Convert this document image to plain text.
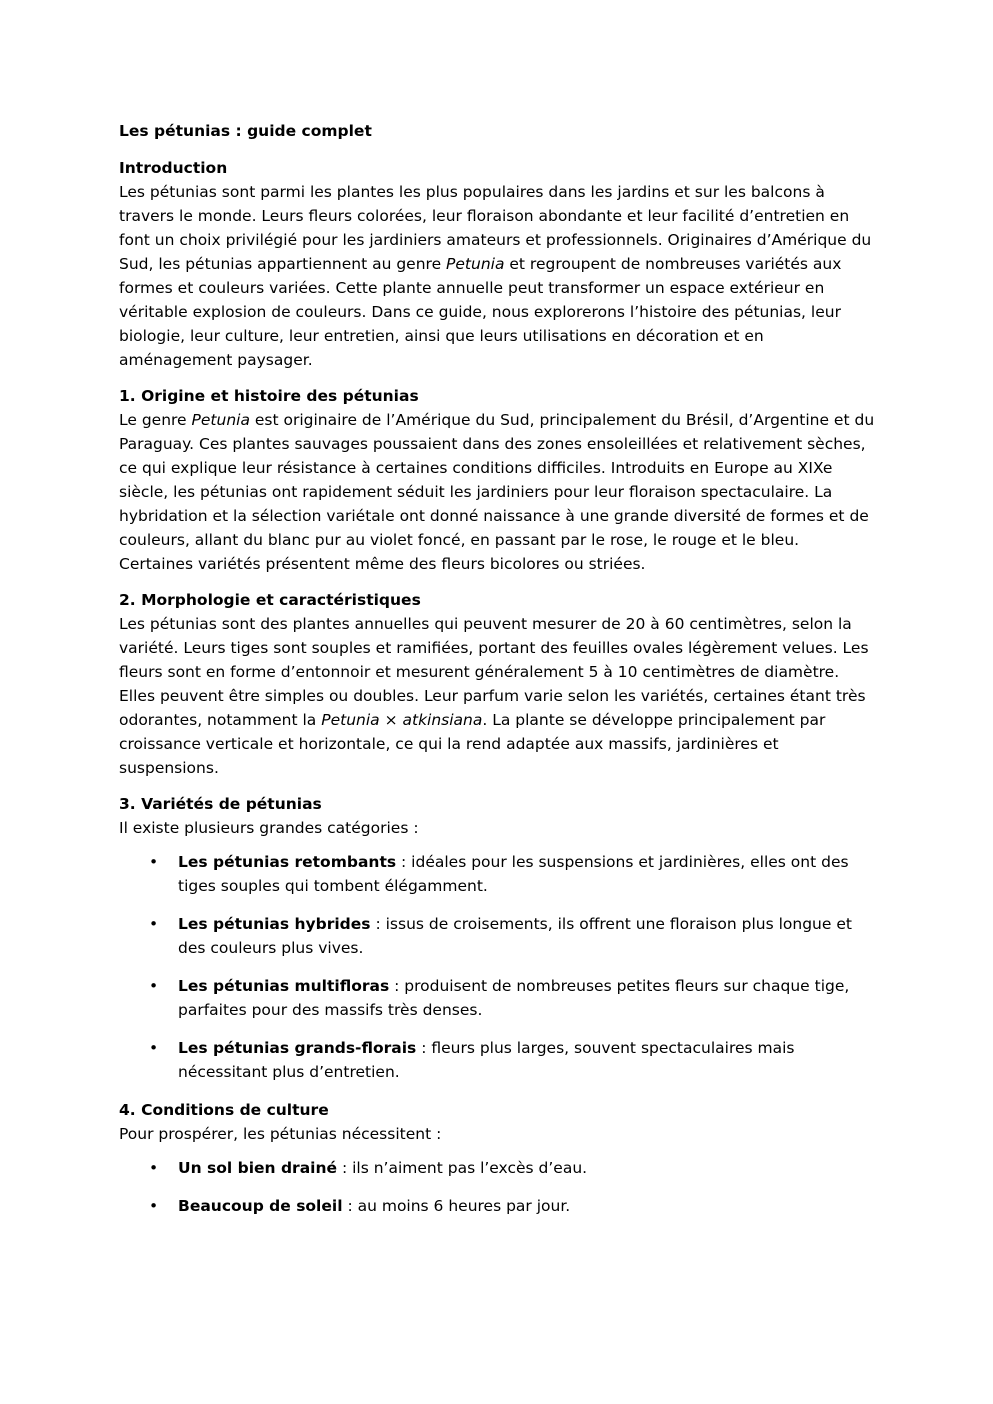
Les pétunias : guide complet
Introduction

Les pétunias sont parmi les plantes les plus populaires dans les jardins et sur les balcons à travers le monde. Leurs fleurs colorées, leur floraison abondante et leur facilité d’entretien en font un choix privilégié pour les jardiniers amateurs et professionnels. Originaires d’Amérique du Sud, les pétunias appartiennent au genre Petunia et regroupent de nombreuses variétés aux formes et couleurs variées. Cette plante annuelle peut transformer un espace extérieur en véritable explosion de couleurs. Dans ce guide, nous explorerons l’histoire des pétunias, leur biologie, leur culture, leur entretien, ainsi que leurs utilisations en décoration et en aménagement paysager.

1. Origine et histoire des pétunias

Le genre Petunia est originaire de l’Amérique du Sud, principalement du Brésil, d’Argentine et du Paraguay. Ces plantes sauvages poussaient dans des zones ensoleillées et relativement sèches, ce qui explique leur résistance à certaines conditions difficiles. Introduits en Europe au XIXe siècle, les pétunias ont rapidement séduit les jardiniers pour leur floraison spectaculaire. La hybridation et la sélection variétale ont donné naissance à une grande diversité de formes et de couleurs, allant du blanc pur au violet foncé, en passant par le rose, le rouge et le bleu. Certaines variétés présentent même des fleurs bicolores ou striées.

2. Morphologie et caractéristiques

Les pétunias sont des plantes annuelles qui peuvent mesurer de 20 à 60 centimètres, selon la variété. Leurs tiges sont souples et ramifiées, portant des feuilles ovales légèrement velues. Les fleurs sont en forme d’entonnoir et mesurent généralement 5 à 10 centimètres de diamètre. Elles peuvent être simples ou doubles. Leur parfum varie selon les variétés, certaines étant très odorantes, notamment la Petunia × atkinsiana. La plante se développe principalement par croissance verticale et horizontale, ce qui la rend adaptée aux massifs, jardinières et suspensions.

3. Variétés de pétunias

Il existe plusieurs grandes catégories :

• Les pétunias retombants : idéales pour les suspensions et jardinières, elles ont des tiges souples qui tombent élégamment.
• Les pétunias hybrides : issus de croisements, ils offrent une floraison plus longue et des couleurs plus vives.
• Les pétunias multifloras : produisent de nombreuses petites fleurs sur chaque tige, parfaites pour des massifs très denses.
• Les pétunias grands-florais : fleurs plus larges, souvent spectaculaires mais nécessitant plus d’entretien.
4. Conditions de culture

Pour prospérer, les pétunias nécessitent :

• Un sol bien drainé : ils n’aiment pas l’excès d’eau.
• Beaucoup de soleil : au moins 6 heures par jour.
